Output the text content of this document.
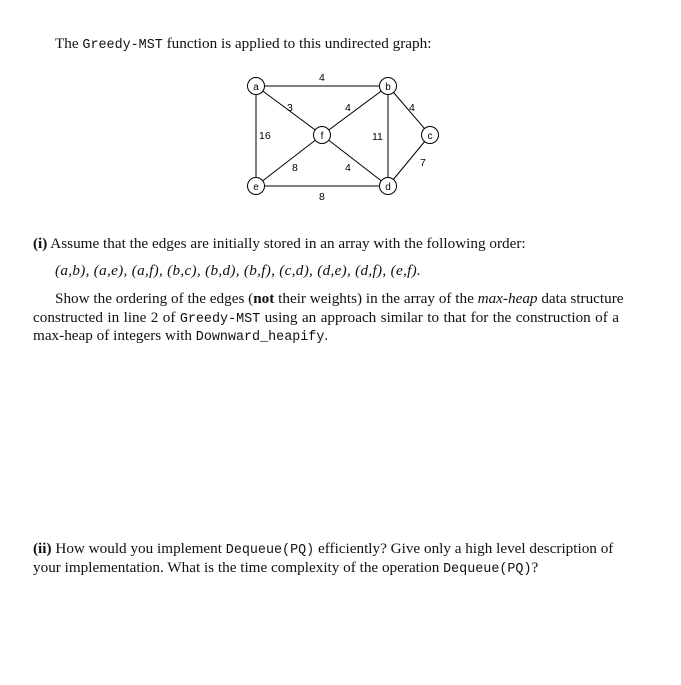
The Greedy-MST function is applied to this undirected graph:
4
16
3	4
11
4
7
8
4
8
a	b
c
d
e
f
(i) Assume that the edges are initially stored in an array with the following order:
(a,b), (a,e), (a,f), (b,c), (b,d), (b,f), (c,d), (d,e), (d,f), (e,f).
Show the ordering of the edges (not their weights) in the array of the max-heap data structure
constructed in line 2 of Greedy-MST using an approach similar to that for the construction of a
max-heap of integers with Downward_heapify.
(ii) How would you implement Dequeue(PQ) efficiently? Give only a high level description of
your implementation. What is the time complexity of the operation Dequeue(PQ)?
